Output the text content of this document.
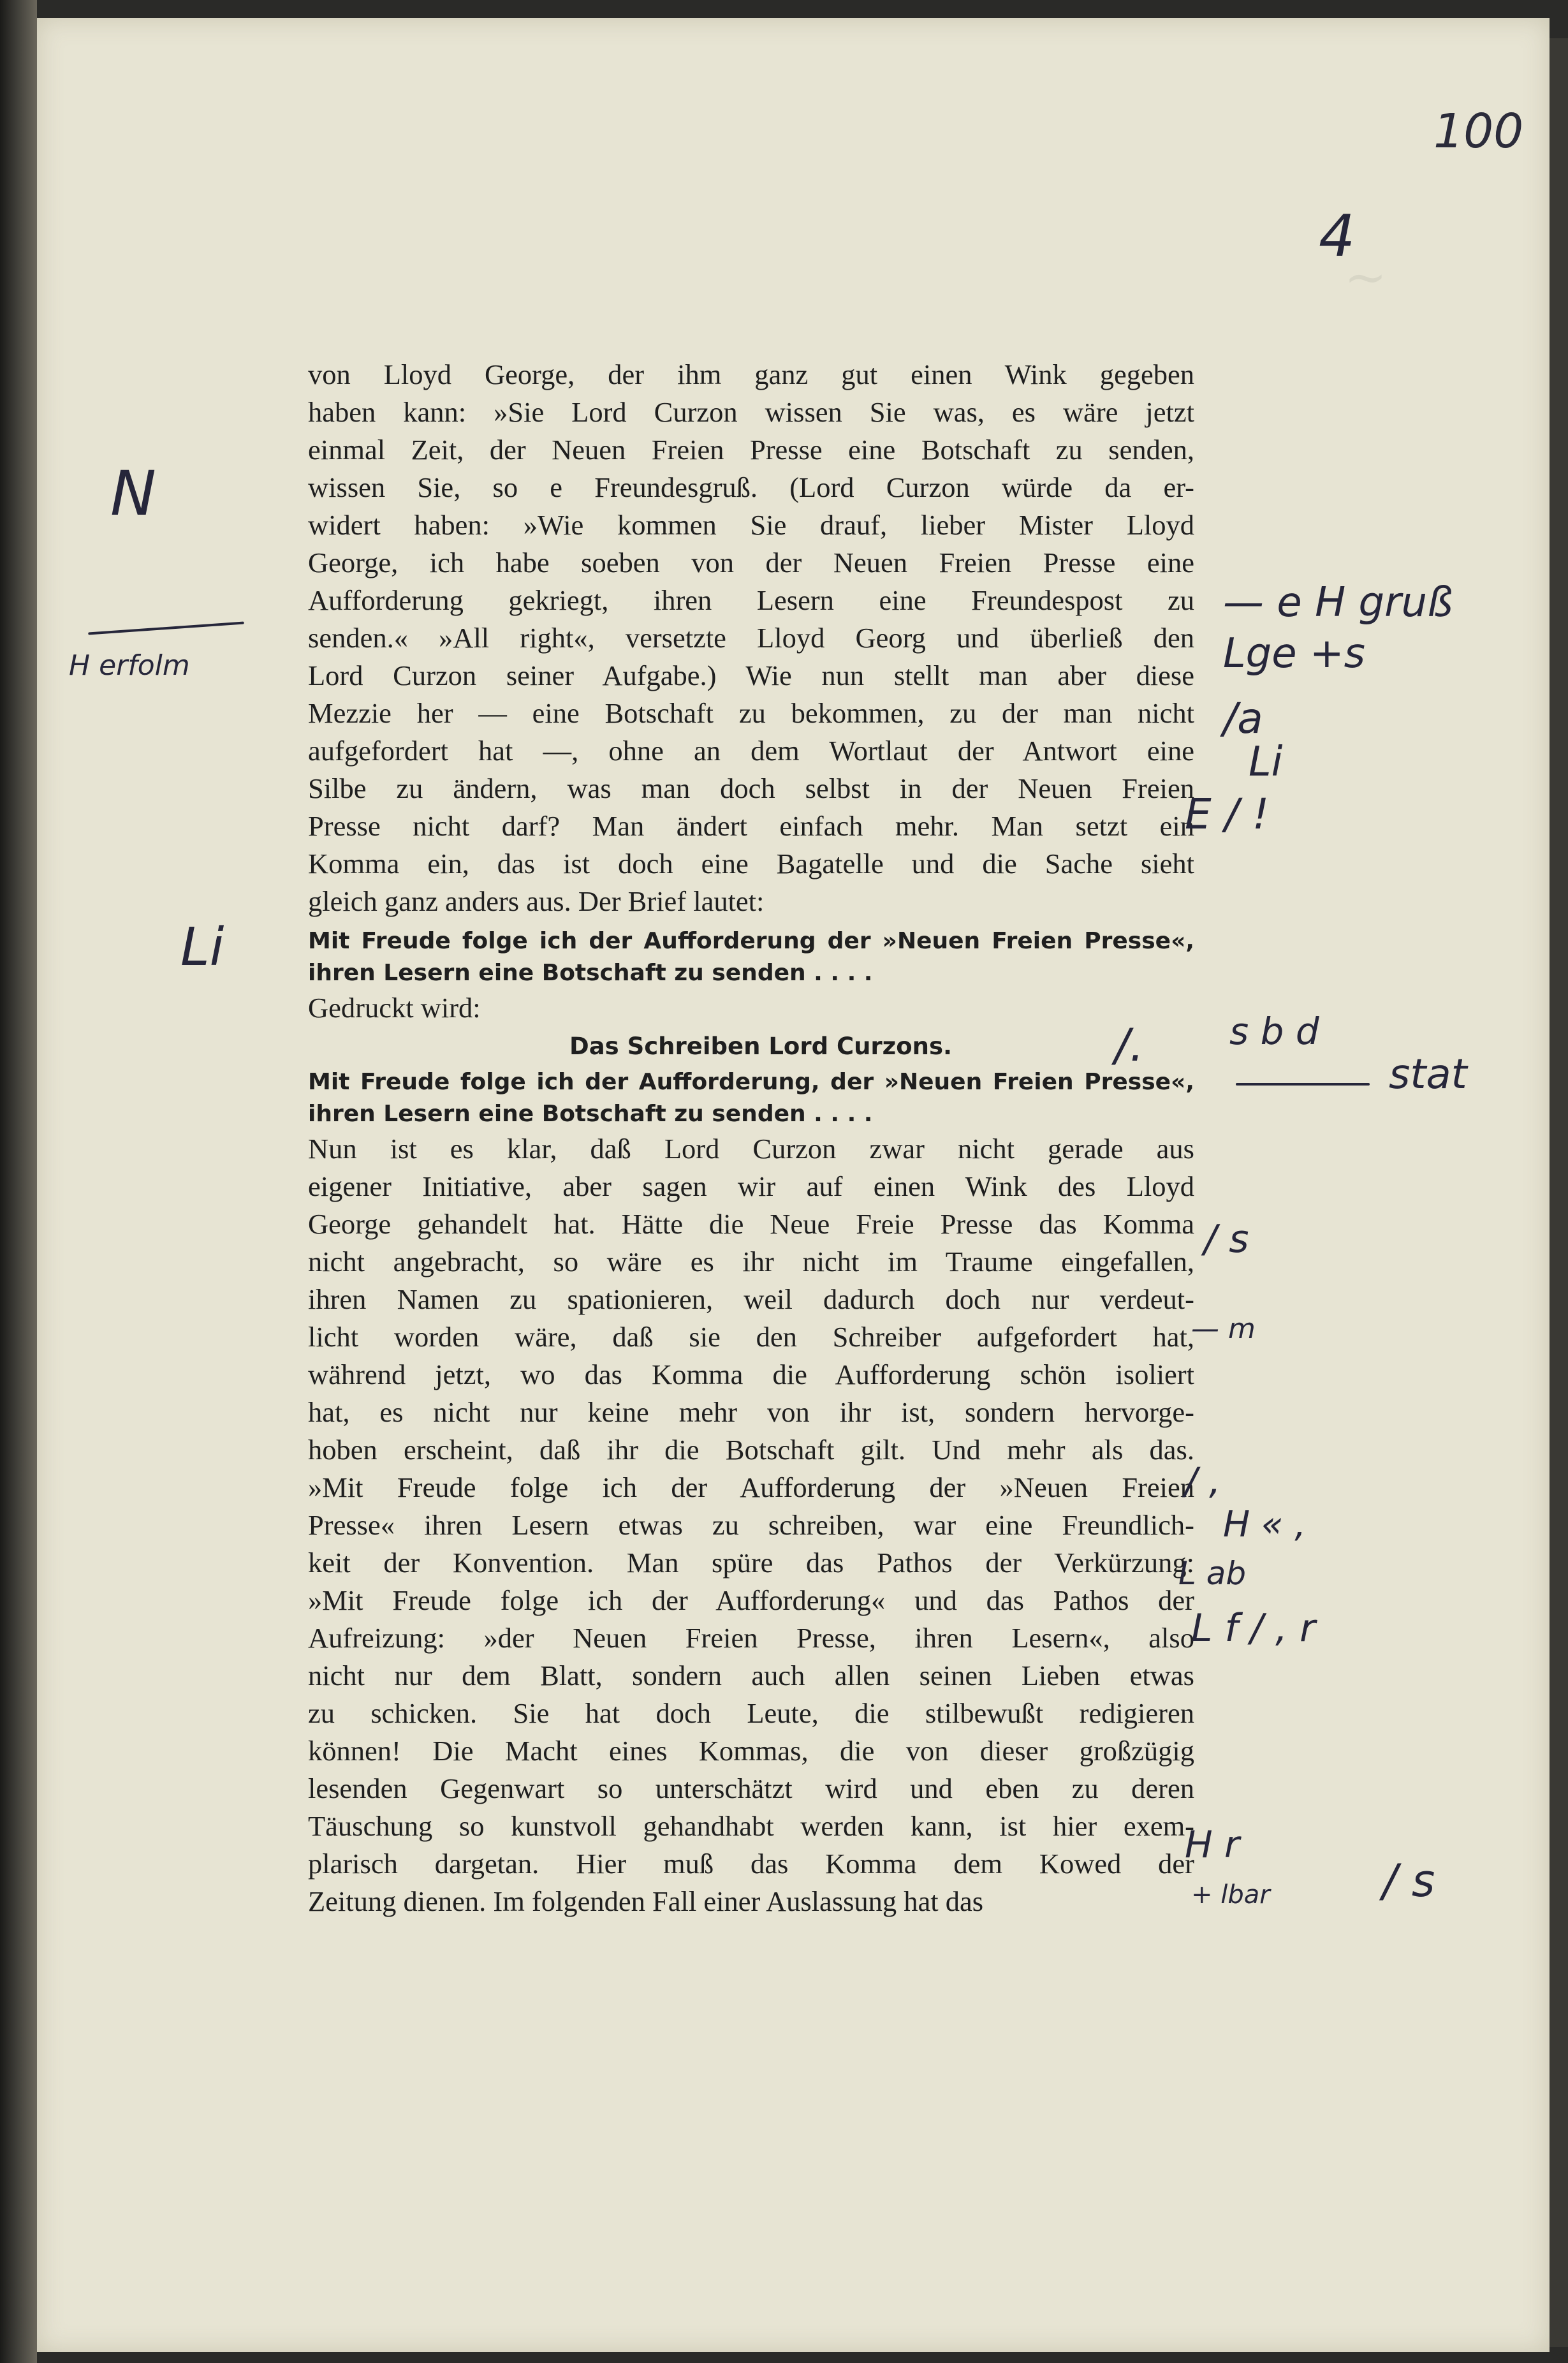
~
100
4
von Lloyd George, der ihm ganz gut einen Wink gegeben
haben kann: »Sie Lord Curzon wissen Sie was, es wäre jetzt
einmal Zeit, der Neuen Freien Presse eine Botschaft zu senden,
wissen Sie, so e Freundesgruß. (Lord Curzon würde da er-
widert haben: »Wie kommen Sie drauf, lieber Mister Lloyd
George, ich habe soeben von der Neuen Freien Presse eine
Aufforderung gekriegt, ihren Lesern eine Freundespost zu
senden.« »All right«, versetzte Lloyd Georg und überließ den
Lord Curzon seiner Aufgabe.) Wie nun stellt man aber diese
Mezzie her — eine Botschaft zu bekommen, zu der man nicht
aufgefordert hat —, ohne an dem Wortlaut der Antwort eine
Silbe zu ändern, was man doch selbst in der Neuen Freien
Presse nicht darf? Man ändert einfach mehr. Man setzt ein
Komma ein, das ist doch eine Bagatelle und die Sache sieht
gleich ganz anders aus. Der Brief lautet:
Mit Freude folge ich der Aufforderung der »Neuen Freien Presse«,
ihren Lesern eine Botschaft zu senden . . . .
Gedruckt wird:
Das Schreiben Lord Curzons.
Mit Freude folge ich der Aufforderung, der »Neuen Freien Presse«,
ihren Lesern eine Botschaft zu senden . . . .
Nun ist es klar, daß Lord Curzon zwar nicht gerade aus
eigener Initiative, aber sagen wir auf einen Wink des Lloyd
George gehandelt hat. Hätte die Neue Freie Presse das Komma
nicht angebracht, so wäre es ihr nicht im Traume eingefallen,
ihren Namen zu spationieren, weil dadurch doch nur verdeut-
licht worden wäre, daß sie den Schreiber aufgefordert hat,
während jetzt, wo das Komma die Aufforderung schön isoliert
hat, es nicht nur keine mehr von ihr ist, sondern hervorge-
hoben erscheint, daß ihr die Botschaft gilt. Und mehr als das.
»Mit Freude folge ich der Aufforderung der »Neuen Freien
Presse« ihren Lesern etwas zu schreiben, war eine Freundlich-
keit der Konvention. Man spüre das Pathos der Verkürzung:
»Mit Freude folge ich der Aufforderung« und das Pathos der
Aufreizung: »der Neuen Freien Presse, ihren Lesern«, also
nicht nur dem Blatt, sondern auch allen seinen Lieben etwas
zu schicken. Sie hat doch Leute, die stilbewußt redigieren
können! Die Macht eines Kommas, die von dieser großzügig
lesenden Gegenwart so unterschätzt wird und eben zu deren
Täuschung so kunstvoll gehandhabt werden kann, ist hier exem-
plarisch dargetan. Hier muß das Komma dem Kowed der
Zeitung dienen. Im folgenden Fall einer Auslassung hat das
N
H erfolm
Li
— e H gruß
Lge +s
/a
Li
E / !
/. s b d
stat
/ s
— m
/ ,
H « ,
L ab
L f / , r
H r
+ lbar	/ s
